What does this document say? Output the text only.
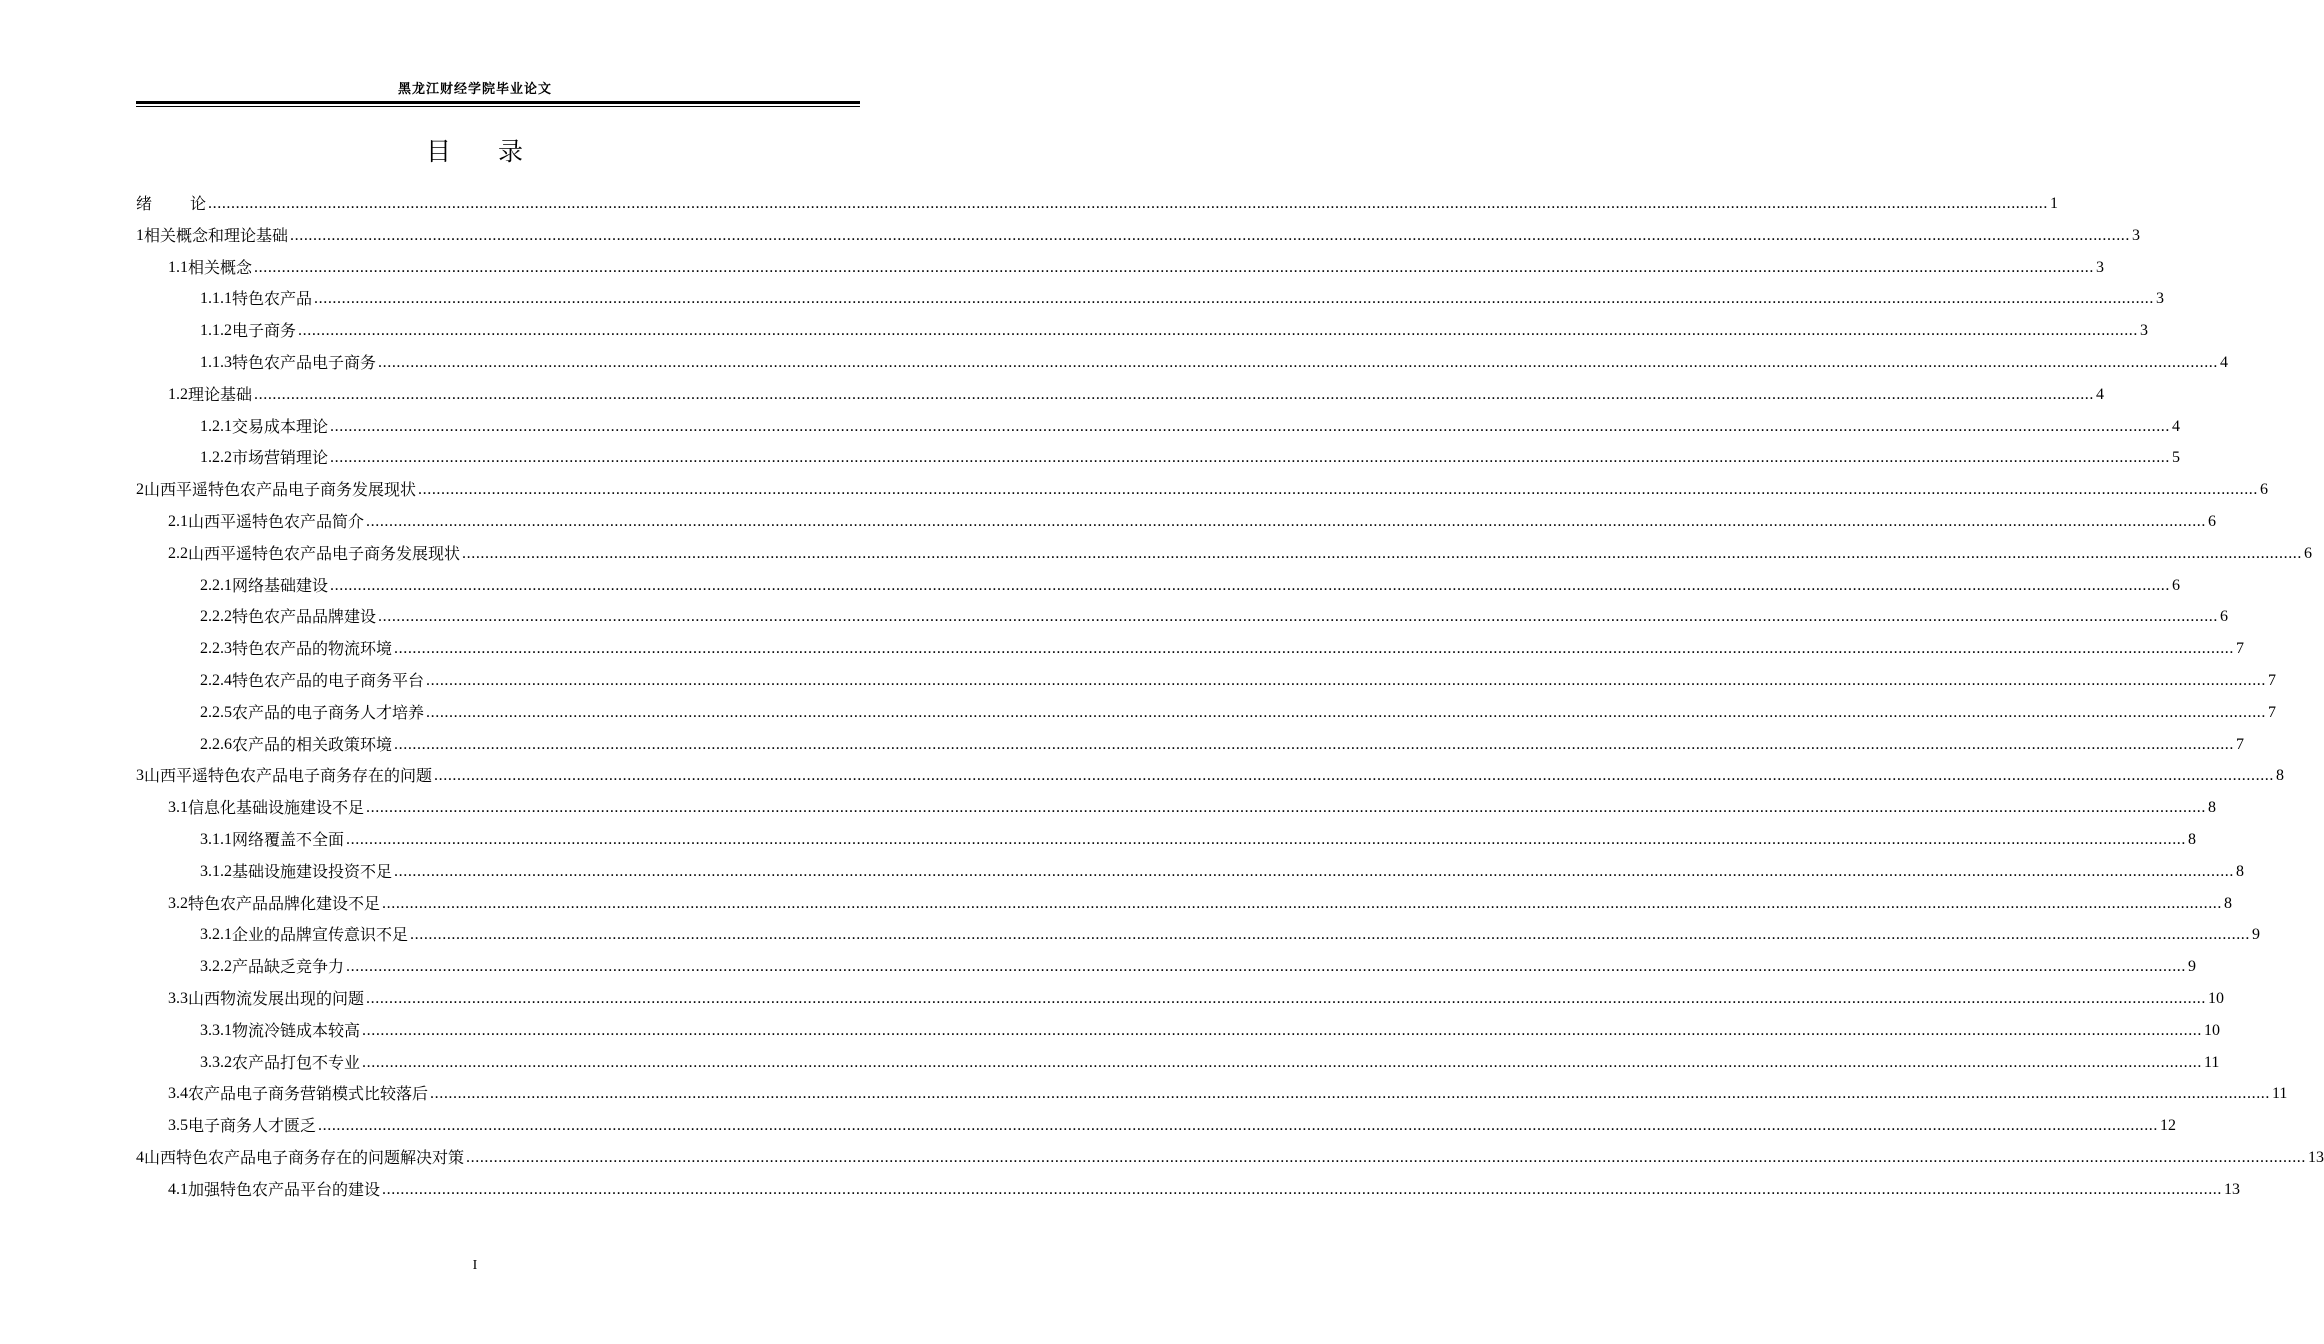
黑龙江财经学院毕业论文
目 录
绪 论 ................................................................................................................................................................................................................................................................................................................................................................................................................ 1
1 相关概念和理论基础 ................................................................................................................................................................................................................................................................................................................................................................................................................ 3
1.1 相关概念 ................................................................................................................................................................................................................................................................................................................................................................................................................ 3
1.1.1 特色农产品 ................................................................................................................................................................................................................................................................................................................................................................................................................ 3
1.1.2 电子商务 ................................................................................................................................................................................................................................................................................................................................................................................................................ 3
1.1.3 特色农产品电子商务 ................................................................................................................................................................................................................................................................................................................................................................................................................ 4
1.2 理论基础 ................................................................................................................................................................................................................................................................................................................................................................................................................ 4
1.2.1 交易成本理论 ................................................................................................................................................................................................................................................................................................................................................................................................................ 4
1.2.2 市场营销理论 ................................................................................................................................................................................................................................................................................................................................................................................................................ 5
2 山西平遥特色农产品电子商务发展现状 ................................................................................................................................................................................................................................................................................................................................................................................................................ 6
2.1 山西平遥特色农产品简介 ................................................................................................................................................................................................................................................................................................................................................................................................................ 6
2.2 山西平遥特色农产品电子商务发展现状 ................................................................................................................................................................................................................................................................................................................................................................................................................ 6
2.2.1 网络基础建设 ................................................................................................................................................................................................................................................................................................................................................................................................................ 6
2.2.2 特色农产品品牌建设 ................................................................................................................................................................................................................................................................................................................................................................................................................ 6
2.2.3 特色农产品的物流环境 ................................................................................................................................................................................................................................................................................................................................................................................................................ 7
2.2.4 特色农产品的电子商务平台 ................................................................................................................................................................................................................................................................................................................................................................................................................ 7
2.2.5 农产品的电子商务人才培养 ................................................................................................................................................................................................................................................................................................................................................................................................................ 7
2.2.6 农产品的相关政策环境 ................................................................................................................................................................................................................................................................................................................................................................................................................ 7
3 山西平遥特色农产品电子商务存在的问题 ................................................................................................................................................................................................................................................................................................................................................................................................................ 8
3.1 信息化基础设施建设不足 ................................................................................................................................................................................................................................................................................................................................................................................................................ 8
3.1.1 网络覆盖不全面 ................................................................................................................................................................................................................................................................................................................................................................................................................ 8
3.1.2 基础设施建设投资不足 ................................................................................................................................................................................................................................................................................................................................................................................................................ 8
3.2 特色农产品品牌化建设不足 ................................................................................................................................................................................................................................................................................................................................................................................................................ 8
3.2.1 企业的品牌宣传意识不足 ................................................................................................................................................................................................................................................................................................................................................................................................................ 9
3.2.2 产品缺乏竞争力 ................................................................................................................................................................................................................................................................................................................................................................................................................ 9
3.3 山西物流发展出现的问题 ................................................................................................................................................................................................................................................................................................................................................................................................................ 10
3.3.1 物流冷链成本较高 ................................................................................................................................................................................................................................................................................................................................................................................................................ 10
3.3.2 农产品打包不专业 ................................................................................................................................................................................................................................................................................................................................................................................................................ 11
3.4 农产品电子商务营销模式比较落后 ................................................................................................................................................................................................................................................................................................................................................................................................................ 11
3.5 电子商务人才匮乏 ................................................................................................................................................................................................................................................................................................................................................................................................................ 12
4 山西特色农产品电子商务存在的问题解决对策 ................................................................................................................................................................................................................................................................................................................................................................................................................ 13
4.1 加强特色农产品平台的建设 ................................................................................................................................................................................................................................................................................................................................................................................................................ 13
I
